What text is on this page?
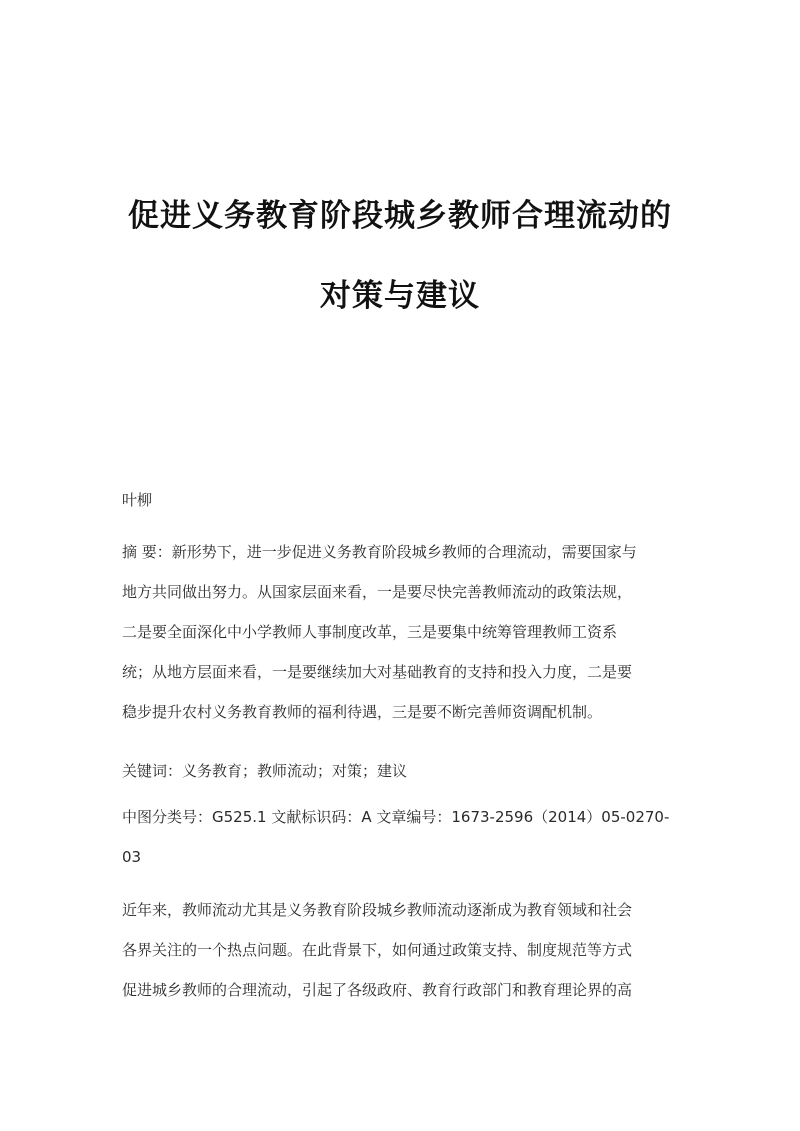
促进义务教育阶段城乡教师合理流动的
对策与建议

叶柳

摘 要：新形势下，进一步促进义务教育阶段城乡教师的合理流动，需要国家与
地方共同做出努力。从国家层面来看，一是要尽快完善教师流动的政策法规，
二是要全面深化中小学教师人事制度改革，三是要集中统筹管理教师工资系
统；从地方层面来看，一是要继续加大对基础教育的支持和投入力度，二是要
稳步提升农村义务教育教师的福利待遇，三是要不断完善师资调配机制。

关键词：义务教育；教师流动；对策；建议

中图分类号：G525.1 文献标识码：A 文章编号：1673-2596（2014）05-0270-
03

近年来，教师流动尤其是义务教育阶段城乡教师流动逐渐成为教育领域和社会
各界关注的一个热点问题。在此背景下，如何通过政策支持、制度规范等方式
促进城乡教师的合理流动，引起了各级政府、教育行政部门和教育理论界的高
